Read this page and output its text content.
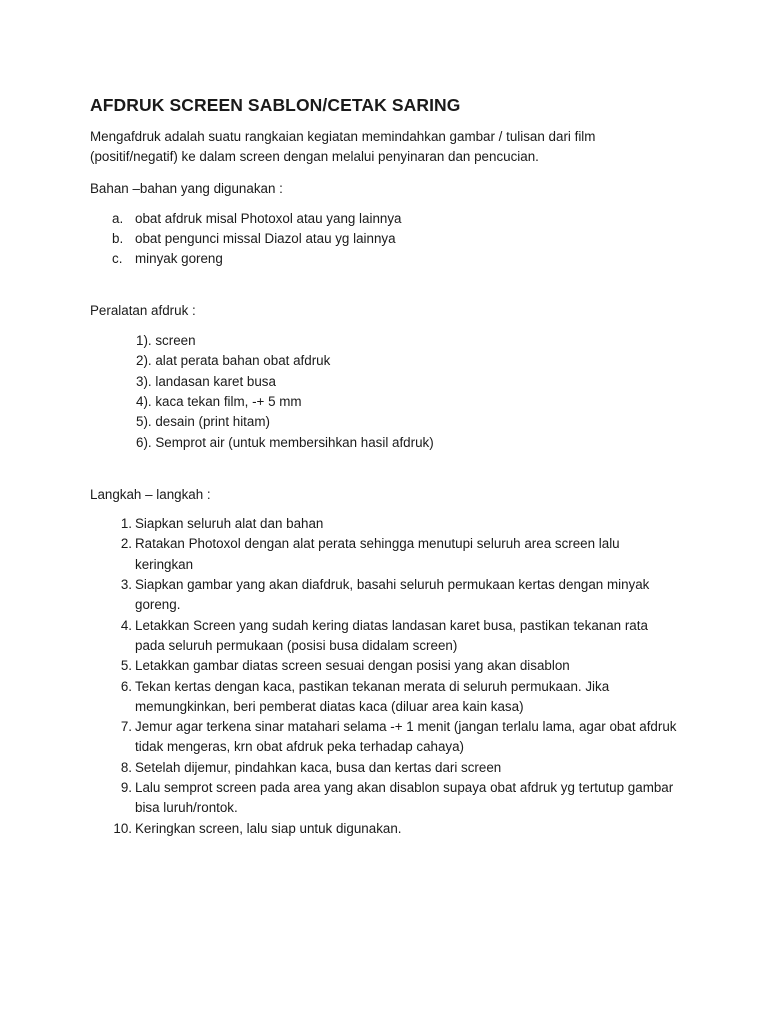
AFDRUK SCREEN SABLON/CETAK SARING

Mengafdruk adalah suatu rangkaian kegiatan memindahkan gambar / tulisan dari film (positif/negatif) ke dalam screen dengan melalui penyinaran dan pencucian.

Bahan –bahan yang digunakan :

a. obat afdruk misal Photoxol atau yang lainnya
b. obat pengunci missal Diazol atau yg lainnya
c. minyak goreng

Peralatan afdruk :

1). screen
2). alat perata bahan obat afdruk
3). landasan karet busa
4). kaca tekan film, -+ 5 mm
5). desain (print hitam)
6). Semprot air (untuk membersihkan hasil afdruk)

Langkah – langkah :

1. Siapkan seluruh alat dan bahan
2. Ratakan Photoxol dengan alat perata sehingga menutupi seluruh area screen lalu keringkan
3. Siapkan gambar yang akan diafdruk, basahi seluruh permukaan kertas dengan minyak goreng.
4. Letakkan Screen yang sudah kering diatas landasan karet busa, pastikan tekanan rata pada seluruh permukaan (posisi busa didalam screen)
5. Letakkan gambar diatas screen sesuai dengan posisi yang akan disablon
6. Tekan kertas dengan kaca, pastikan tekanan merata di seluruh permukaan. Jika memungkinkan, beri pemberat diatas kaca (diluar area kain kasa)
7. Jemur agar terkena sinar matahari selama -+ 1 menit (jangan terlalu lama, agar obat afdruk tidak mengeras, krn obat afdruk peka terhadap cahaya)
8. Setelah dijemur, pindahkan kaca, busa dan kertas dari screen
9. Lalu semprot screen pada area yang akan disablon supaya obat afdruk yg tertutup gambar bisa luruh/rontok.
10. Keringkan screen, lalu siap untuk digunakan.
